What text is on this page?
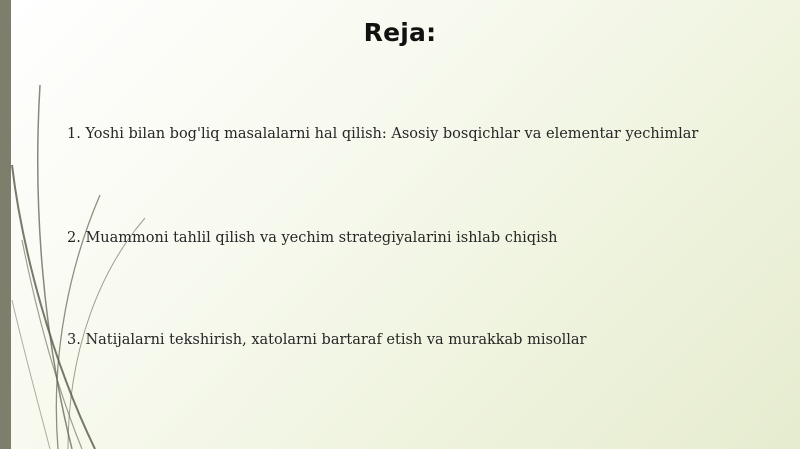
Reja:
1. Yoshi bilan bog'liq masalalarni hal qilish: Asosiy bosqichlar va elementar yechimlar
2. Muammoni tahlil qilish va yechim strategiyalarini ishlab chiqish
3. Natijalarni tekshirish, xatolarni bartaraf etish va murakkab misollar
